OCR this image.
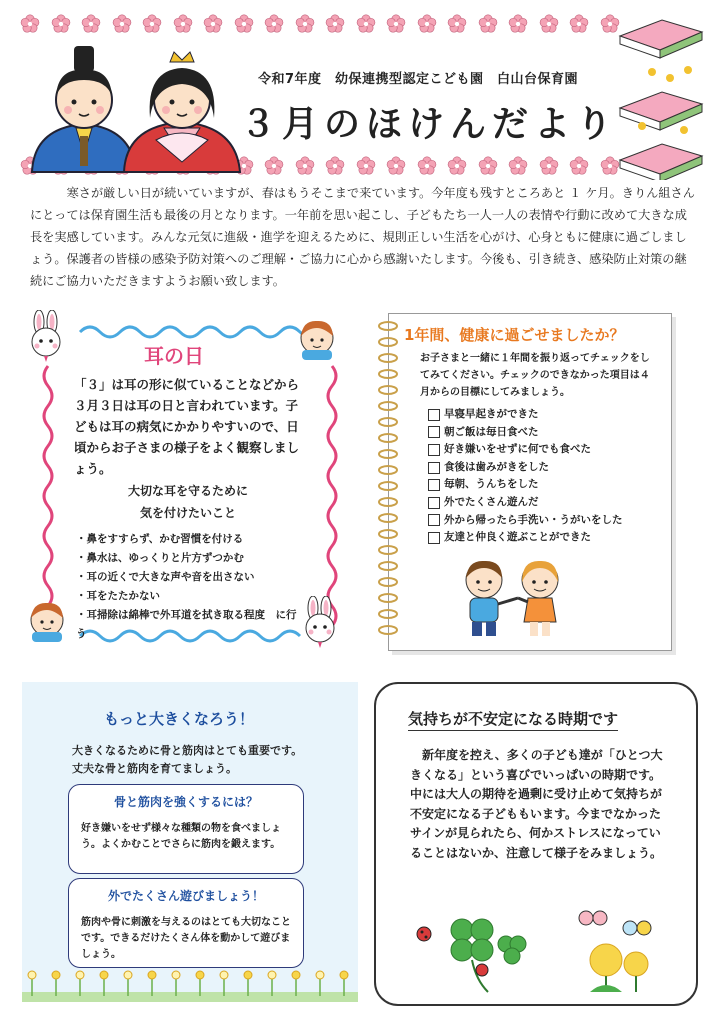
令和7年度　幼保連携型認定こども園　白山台保育園
３月のほけんだより
寒さが厳しい日が続いていますが、春はもうそこまで来ています。今年度も残すところあと １ ケ月。きりん組さんにとっては保育園生活も最後の月となります。一年前を思い起こし、子どもたち一人一人の表情や行動に改めて大きな成長を実感しています。みんな元気に進級・進学を迎えるために、規則正しい生活を心がけ、心身ともに健康に過ごしましょう。保護者の皆様の感染予防対策へのご理解・ご協力に心から感謝いたします。今後も、引き続き、感染防止対策の継続にご協力いただきますようお願い致します。
耳の日
「３」は耳の形に似ていることなどから３月３日は耳の日と言われています。子どもは耳の病気にかかりやすいので、日頃からお子さまの様子をよく観察しましょう。
大切な耳を守るために
気を付けたいこと
・ 鼻をすすらず、かむ習慣を付ける
・ 鼻水は、ゆっくりと片方ずつかむ
・ 耳の近くで大きな声や音を出さない
・ 耳をたたかない
・ 耳掃除は綿棒で外耳道を拭き取る程度　に行う
1年間、健康に過ごせましたか？
お子さまと一緒に１年間を振り返ってチェックをしてみてください。チェックのできなかった項目は４月からの目標にしてみましょう。
早寝早起きができた
朝ご飯は毎日食べた
好き嫌いをせずに何でも食べた
食後は歯みがきをした
毎朝、うんちをした
外でたくさん遊んだ
外から帰ったら手洗い・うがいをした
友達と仲良く遊ぶことができた
もっと大きくなろう！
大きくなるために骨と筋肉はとても重要です。丈夫な骨と筋肉を育てましょう。
骨と筋肉を強くするには？
好き嫌いをせず様々な種類の物を食べましょう。よくかむことでさらに筋肉を鍛えます。
外でたくさん遊びましょう！
筋肉や骨に刺激を与えるのはとても大切なことです。できるだけたくさん体を動かして遊びましょう。
気持ちが不安定になる時期です
新年度を控え、多くの子ども達が「ひとつ大きくなる」という喜びでいっぱいの時期です。中には大人の期待を過剰に受け止めて気持ちが不安定になる子どももいます。今までなかったサインが見られたら、何かストレスになっていることはないか、注意して様子をみましょう。
